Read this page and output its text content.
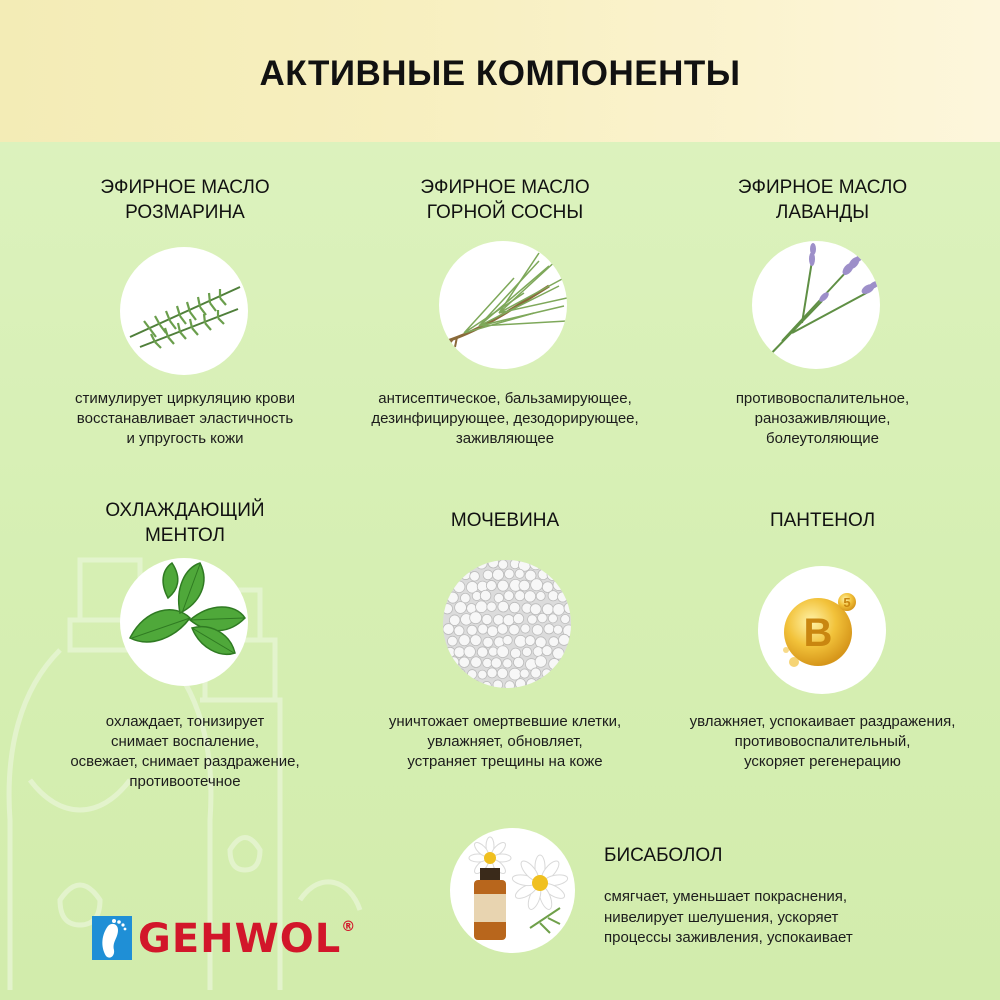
АКТИВНЫЕ КОМПОНЕНТЫ
ЭФИРНОЕ МАСЛО
РОЗМАРИНА
стимулирует циркуляцию крови
восстанавливает эластичность
и упругость кожи
ЭФИРНОЕ МАСЛО
ГОРНОЙ СОСНЫ
антисептическое, бальзамирующее,
дезинфицирующее, дезодорирующее,
заживляющее
ЭФИРНОЕ МАСЛО
ЛАВАНДЫ
противовоспалительное,
ранозаживляющие,
болеутоляющие
ОХЛАЖДАЮЩИЙ
МЕНТОЛ
охлаждает, тонизирует
снимает воспаление,
освежает, снимает раздражение,
противоотечное
МОЧЕВИНА
уничтожает омертвевшие клетки,
увлажняет, обновляет,
устраняет трещины на коже
ПАНТЕНОЛ
B
5
увлажняет, успокаивает раздражения,
противовоспалительный,
ускоряет регенерацию
БИСАБОЛОЛ
смягчает, уменьшает покраснения,
нивелирует шелушения, ускоряет
процессы заживления, успокаивает
GEHWOL®
